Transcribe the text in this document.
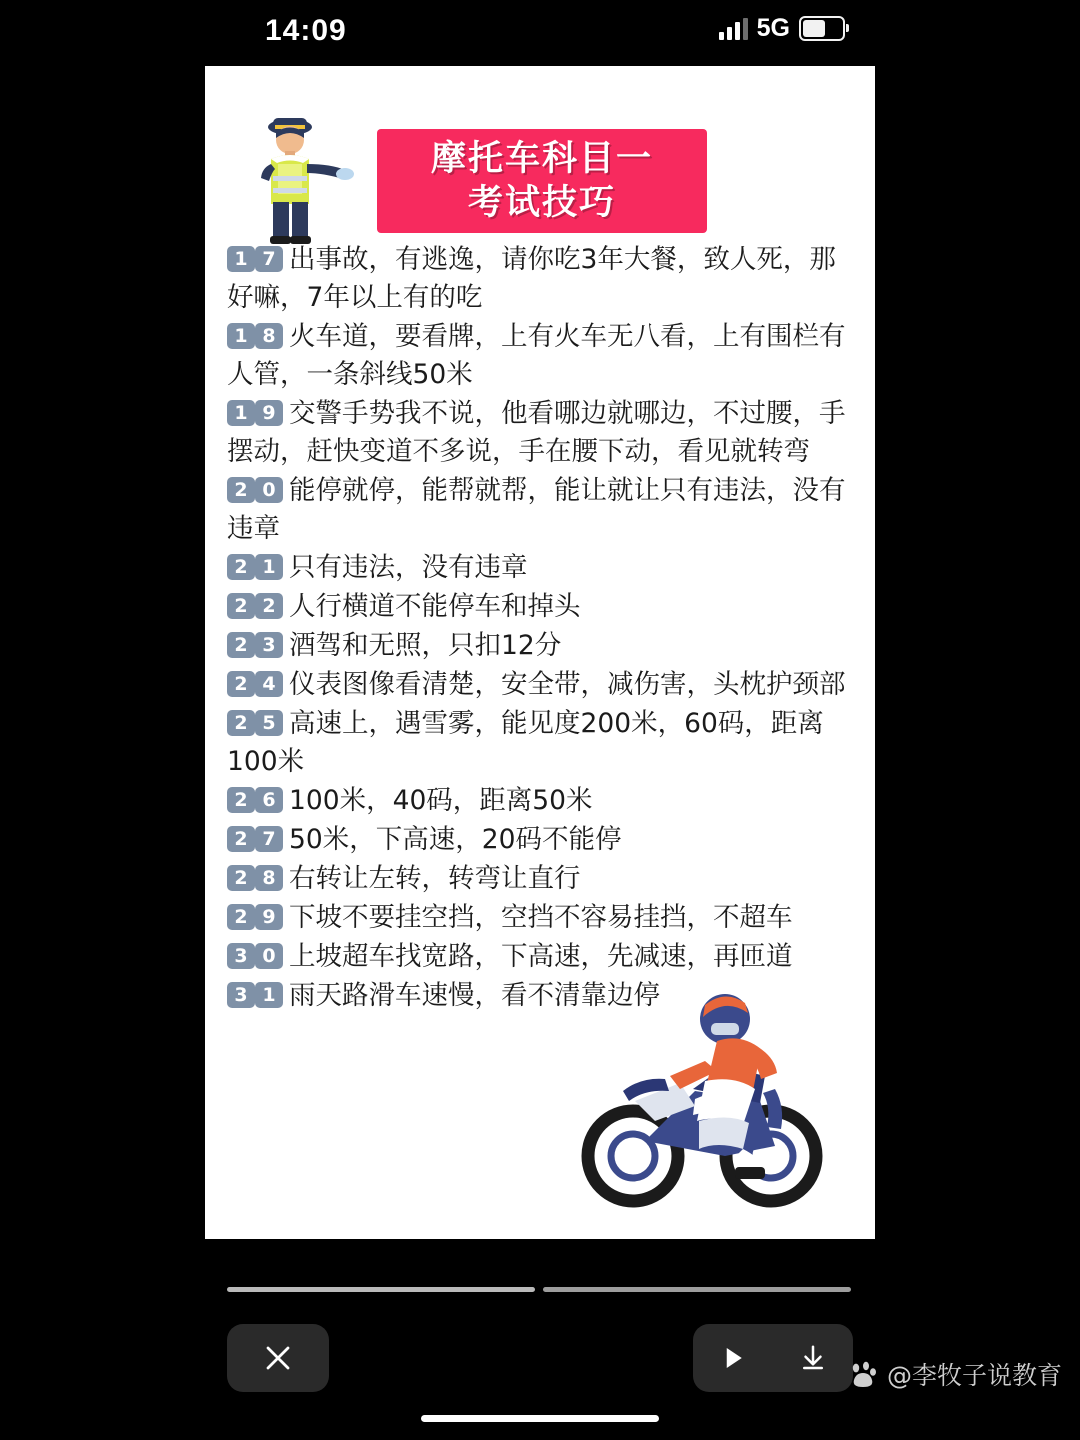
14:09	5G
摩托车科目一
考试技巧
1 7 出事故，有逃逸，请你吃3年大餐，致人死，那好嘛，7年以上有的吃
1 8 火车道，要看牌，上有火车无八看，上有围栏有人管，一条斜线50米
1 9 交警手势我不说，他看哪边就哪边，不过腰，手摆动，赶快变道不多说，手在腰下动，看见就转弯
2 0 能停就停，能帮就帮，能让就让只有违法，没有违章
2 1 只有违法，没有违章
2 2 人行横道不能停车和掉头
2 3 酒驾和无照，只扣12分
2 4 仪表图像看清楚，安全带，减伤害，头枕护颈部
2 5 高速上，遇雪雾，能见度200米，60码，距离100米
2 6 100米，40码，距离50米
2 7 50米，下高速，20码不能停
2 8 右转让左转，转弯让直行
2 9 下坡不要挂空挡，空挡不容易挂挡，不超车
3 0 上坡超车找宽路，下高速，先减速，再匝道
3 1 雨天路滑车速慢，看不清靠边停
@李牧子说教育
